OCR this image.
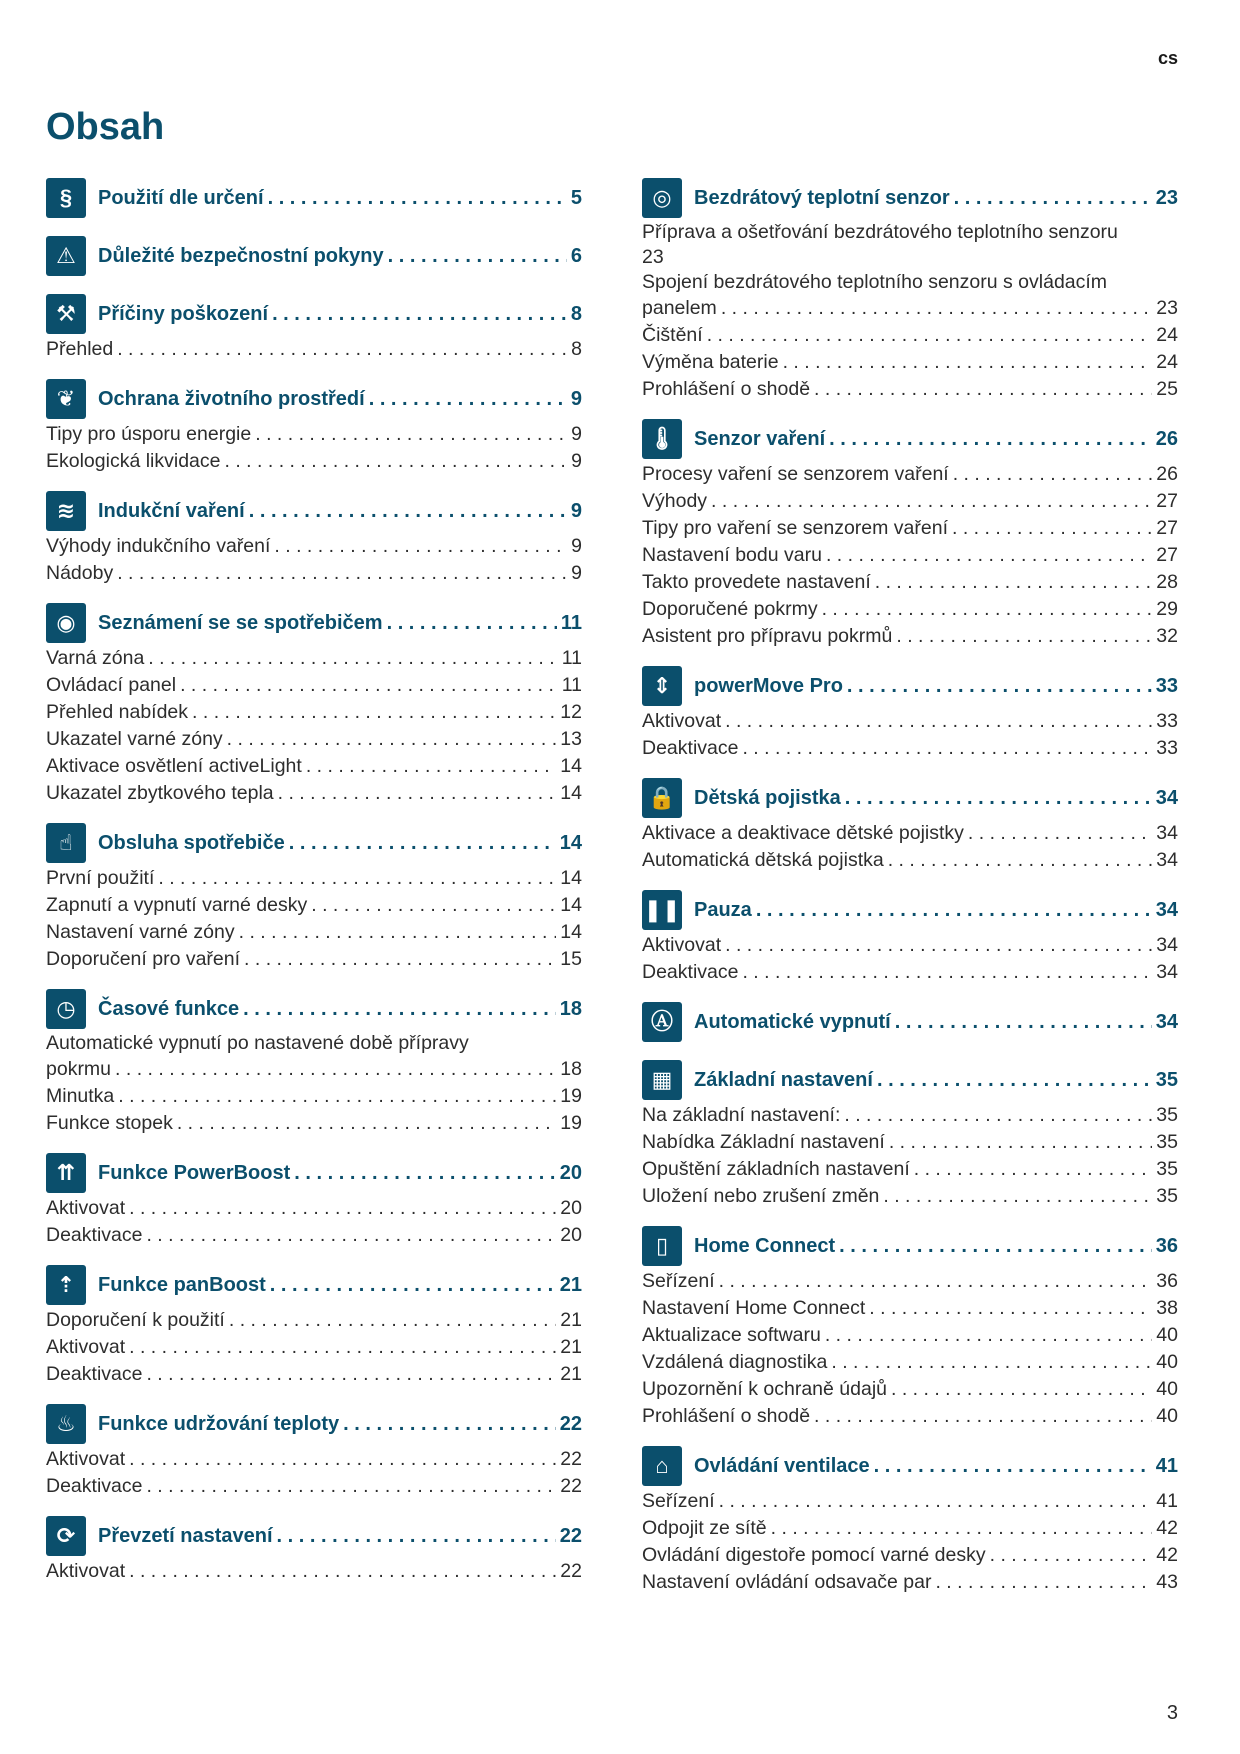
cs
Obsah
§	Použití dle určení . . .	5
⚠	Důležité bezpečnostní pokyny . . .	6
⚒	Příčiny poškození . . .	8
Přehled . . .	8
❦	Ochrana životního prostředí . . .	9
Tipy pro úsporu energie . . .	9
Ekologická likvidace . . .	9
≋	Indukční vaření . . .	9
Výhody indukčního vaření . . .	9
Nádoby . . .	9
◉	Seznámení se se spotřebičem . . .	11
Varná zóna . . .	11
Ovládací panel . . .	11
Přehled nabídek . . .	12
Ukazatel varné zóny . . .	13
Aktivace osvětlení activeLight . . .	14
Ukazatel zbytkového tepla . . .	14
☝	Obsluha spotřebiče . . .	14
První použití . . .	14
Zapnutí a vypnutí varné desky . . .	14
Nastavení varné zóny . . .	14
Doporučení pro vaření . . .	15
◷	Časové funkce . . .	18
Automatické vypnutí po nastavené době přípravy
pokrmu . . .	18
Minutka . . .	19
Funkce stopek . . .	19
⇈	Funkce PowerBoost . . .	20
Aktivovat . . .	20
Deaktivace . . .	20
⇡	Funkce panBoost . . .	21
Doporučení k použití . . .	21
Aktivovat . . .	21
Deaktivace . . .	21
♨	Funkce udržování teploty . . .	22
Aktivovat . . .	22
Deaktivace . . .	22
⟳	Převzetí nastavení . . .	22
Aktivovat . . .	22
◎	Bezdrátový teplotní senzor . . .	23
Příprava a ošetřování bezdrátového teplotního senzoru
23
Spojení bezdrátového teplotního senzoru s ovládacím
panelem . . .	23
Čištění . . .	24
Výměna baterie . . .	24
Prohlášení o shodě . . .	25
🌡 Senzor vaření . . .	26
Procesy vaření se senzorem vaření . . .	26
Výhody . . .	27
Tipy pro vaření se senzorem vaření . . .	27
Nastavení bodu varu . . .	27
Takto provedete nastavení . . .	28
Doporučené pokrmy . . .	29
Asistent pro přípravu pokrmů . . .	32
⇕	powerMove Pro . . .	33
Aktivovat . . .	33
Deaktivace . . .	33
🔒 Dětská pojistka . . .	34
Aktivace a deaktivace dětské pojistky . . .	34
Automatická dětská pojistka . . .	34
❚❚ Pauza . . .	34
Aktivovat . . .	34
Deaktivace . . .	34
Ⓐ	Automatické vypnutí . . .	34
▦	Základní nastavení . . .	35
Na základní nastavení: . . .	35
Nabídka Základní nastavení . . .	35
Opuštění základních nastavení . . .	35
Uložení nebo zrušení změn . . .	35
▯	Home Connect . . .	36
Seřízení . . .	36
Nastavení Home Connect . . .	38
Aktualizace softwaru . . .	40
Vzdálená diagnostika . . .	40
Upozornění k ochraně údajů . . .	40
Prohlášení o shodě . . .	40
⌂	Ovládání ventilace . . .	41
Seřízení . . .	41
Odpojit ze sítě . . .	42
Ovládání digestoře pomocí varné desky . . .	42
Nastavení ovládání odsavače par . . .	43
3
